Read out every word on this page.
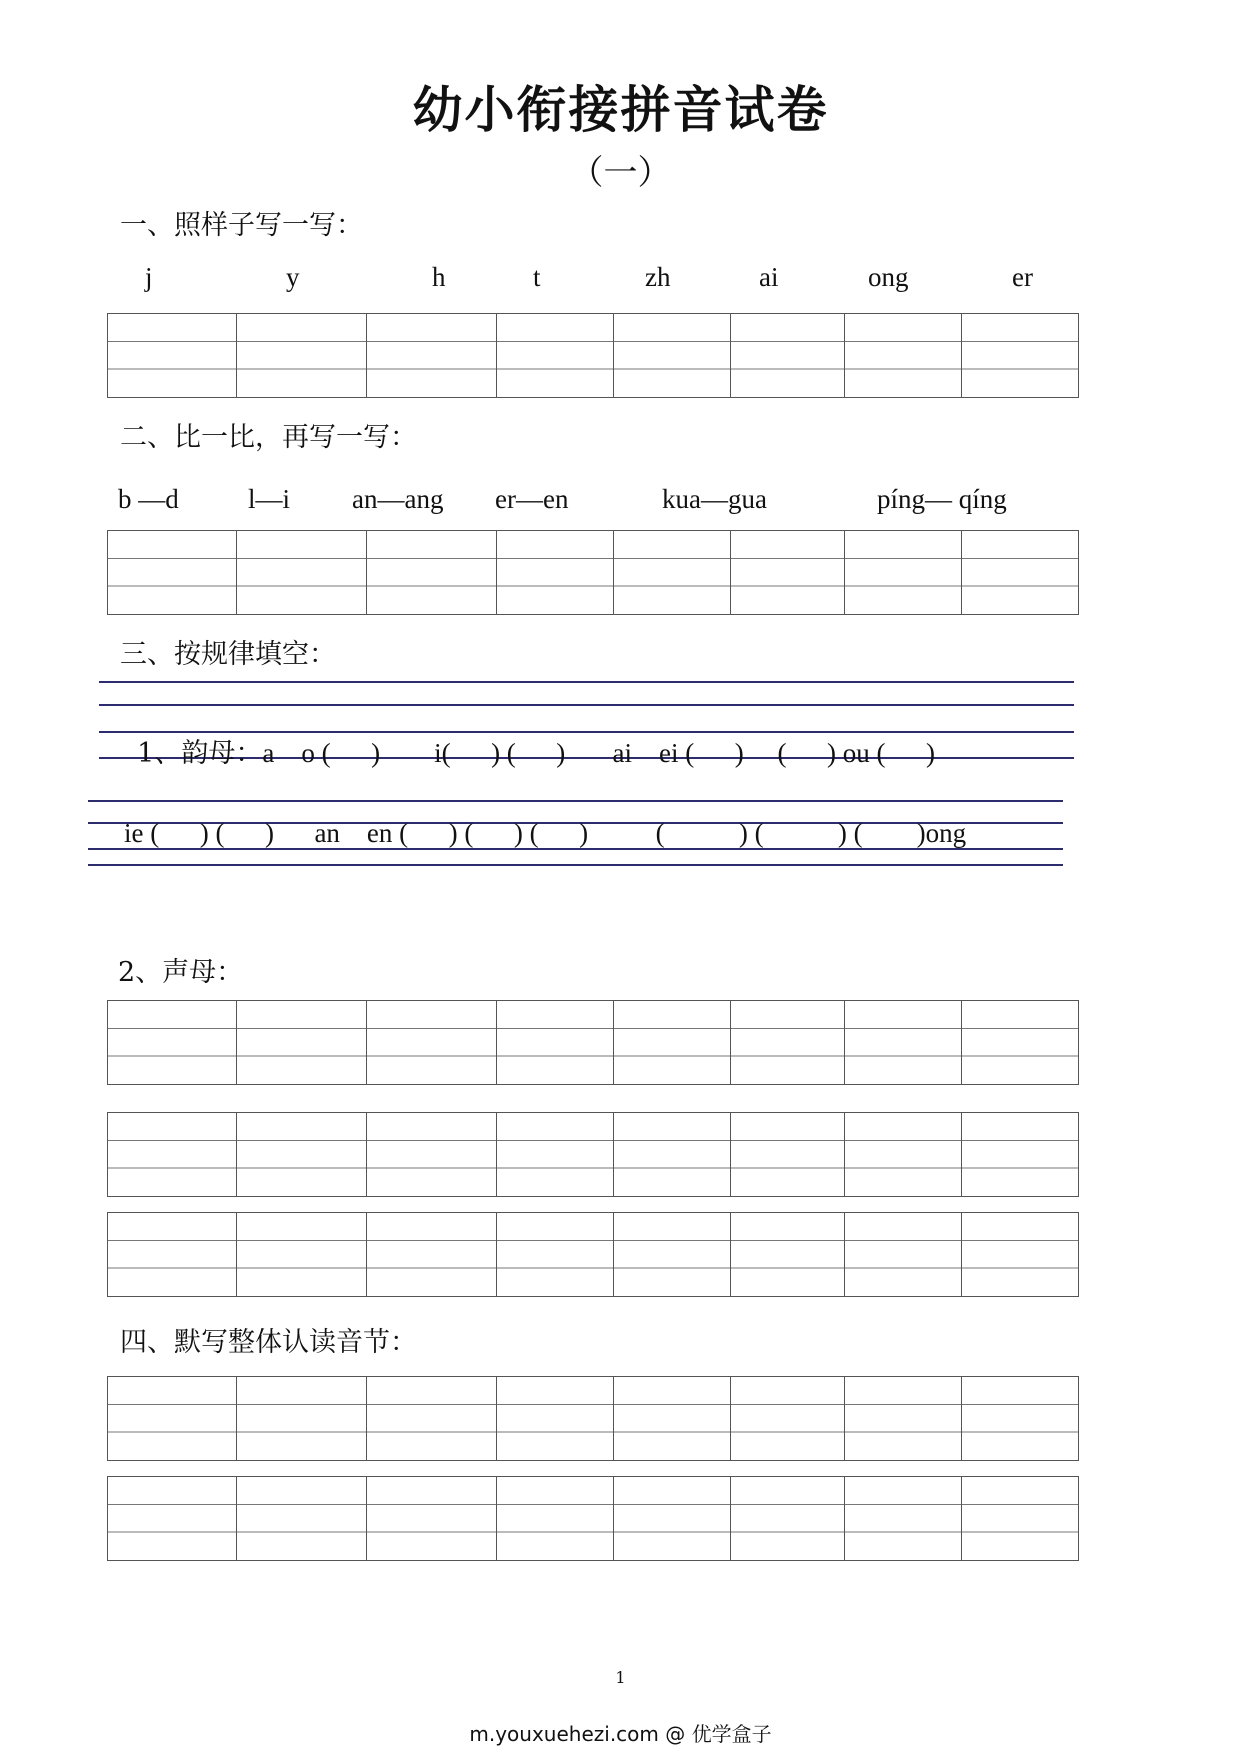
幼小衔接拼音试卷
（一）
一、照样子写一写：
j	y	h	t	zh	ai	ong	er
二、比一比，再写一写：
b —d	l—i an—ang er—en	kua—gua	píng— qíng
三、按规律填空：

1、韵母：a    o (      )        i(      ) (      )       ai    ei (      )     (      ) ou (      )

ie (      ) (      )      an    en (      ) (      ) (      )          (           ) (           ) (        )ong
2、声母：
四、默写整体认读音节：
1
m.youxuehezi.com @ 优学盒子
